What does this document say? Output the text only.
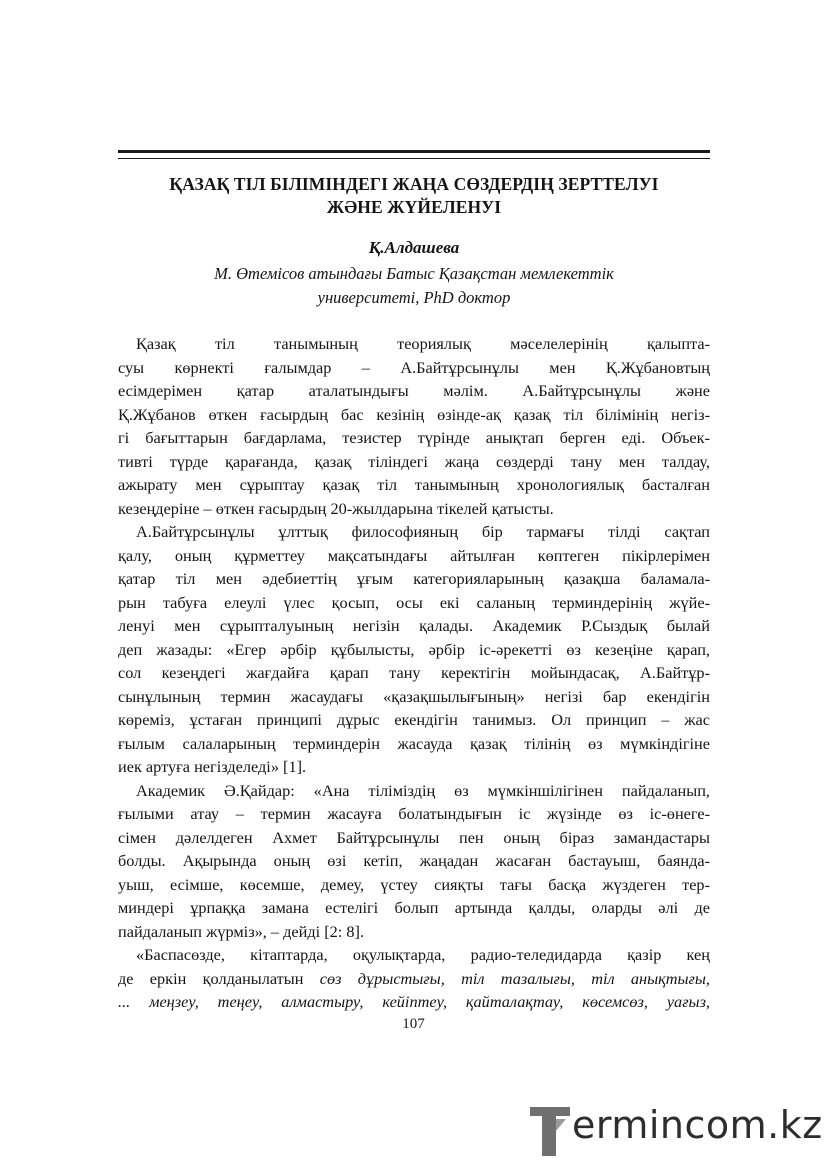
ҚАЗАҚ ТІЛ БІЛІМІНДЕГІ ЖАҢА СӨЗДЕРДІҢ ЗЕРТТЕЛУІ
ЖӘНЕ ЖҮЙЕЛЕНУІ
Қ.Алдашева
М. Өтемісов атындағы Батыс Қазақстан мемлекеттік
университеті, PhD доктор
Қазақ тіл танымының теориялық мәселелерінің қалыпта-
суы көрнекті ғалымдар – А.Байтұрсынұлы мен Қ.Жұбановтың
есімдерімен қатар аталатындығы мәлім. А.Байтұрсынұлы және
Қ.Жұбанов өткен ғасырдың бас кезінің өзінде-ақ қазақ тіл білімінің негіз-
гі бағыттарын бағдарлама, тезистер түрінде анықтап берген еді. Объек-
тивті түрде қарағанда, қазақ тіліндегі жаңа сөздерді тану мен талдау,
ажырату мен сұрыптау қазақ тіл танымының хронологиялық басталған
кезеңдеріне – өткен ғасырдың 20-жылдарына тікелей қатысты.
А.Байтұрсынұлы ұлттық философияның бір тармағы тілді сақтап
қалу, оның құрметтеу мақсатындағы айтылған көптеген пікірлерімен
қатар тіл мен әдебиеттің ұғым категорияларының қазақша баламала-
рын табуға елеулі үлес қосып, осы екі саланың терминдерінің жүйе-
ленуі мен сұрыпталуының негізін қалады. Академик Р.Сыздық былай
деп жазады: «Егер әрбір құбылысты, әрбір іс-әрекетті өз кезеңіне қарап,
сол кезеңдегі жағдайға қарап тану керектігін мойындасақ, А.Байтұр-
сынұлының термин жасаудағы «қазақшылығының» негізі бар екендігін
көреміз, ұстаған принципі дұрыс екендігін танимыз. Ол принцип – жас
ғылым салаларының терминдерін жасауда қазақ тілінің өз мүмкіндігіне
иек артуға негізделеді» [1].
Академик Ә.Қайдар: «Ана тіліміздің өз мүмкіншілігінен пайдаланып,
ғылыми атау – термин жасауға болатындығын іс жүзінде өз іс-өнеге-
сімен дәлелдеген Ахмет Байтұрсынұлы пен оның біраз замандастары
болды. Ақырында оның өзі кетіп, жаңадан жасаған бастауыш, баянда-
уыш, есімше, көсемше, демеу, үстеу сияқты тағы басқа жүздеген тер-
миндері ұрпаққа замана естелігі болып артында қалды, оларды әлі де
пайдаланып жүрміз», – дейді [2: 8].
«Баспасөзде, кітаптарда, оқулықтарда, радио-теледидарда қазір кең
де еркін қолданылатын сөз дұрыстығы, тіл тазалығы, тіл анықтығы,
... меңзеу, теңеу, алмастыру, кейіптеу, қайталақтау, көсемсөз, уағыз,
107
ermincom.kz
